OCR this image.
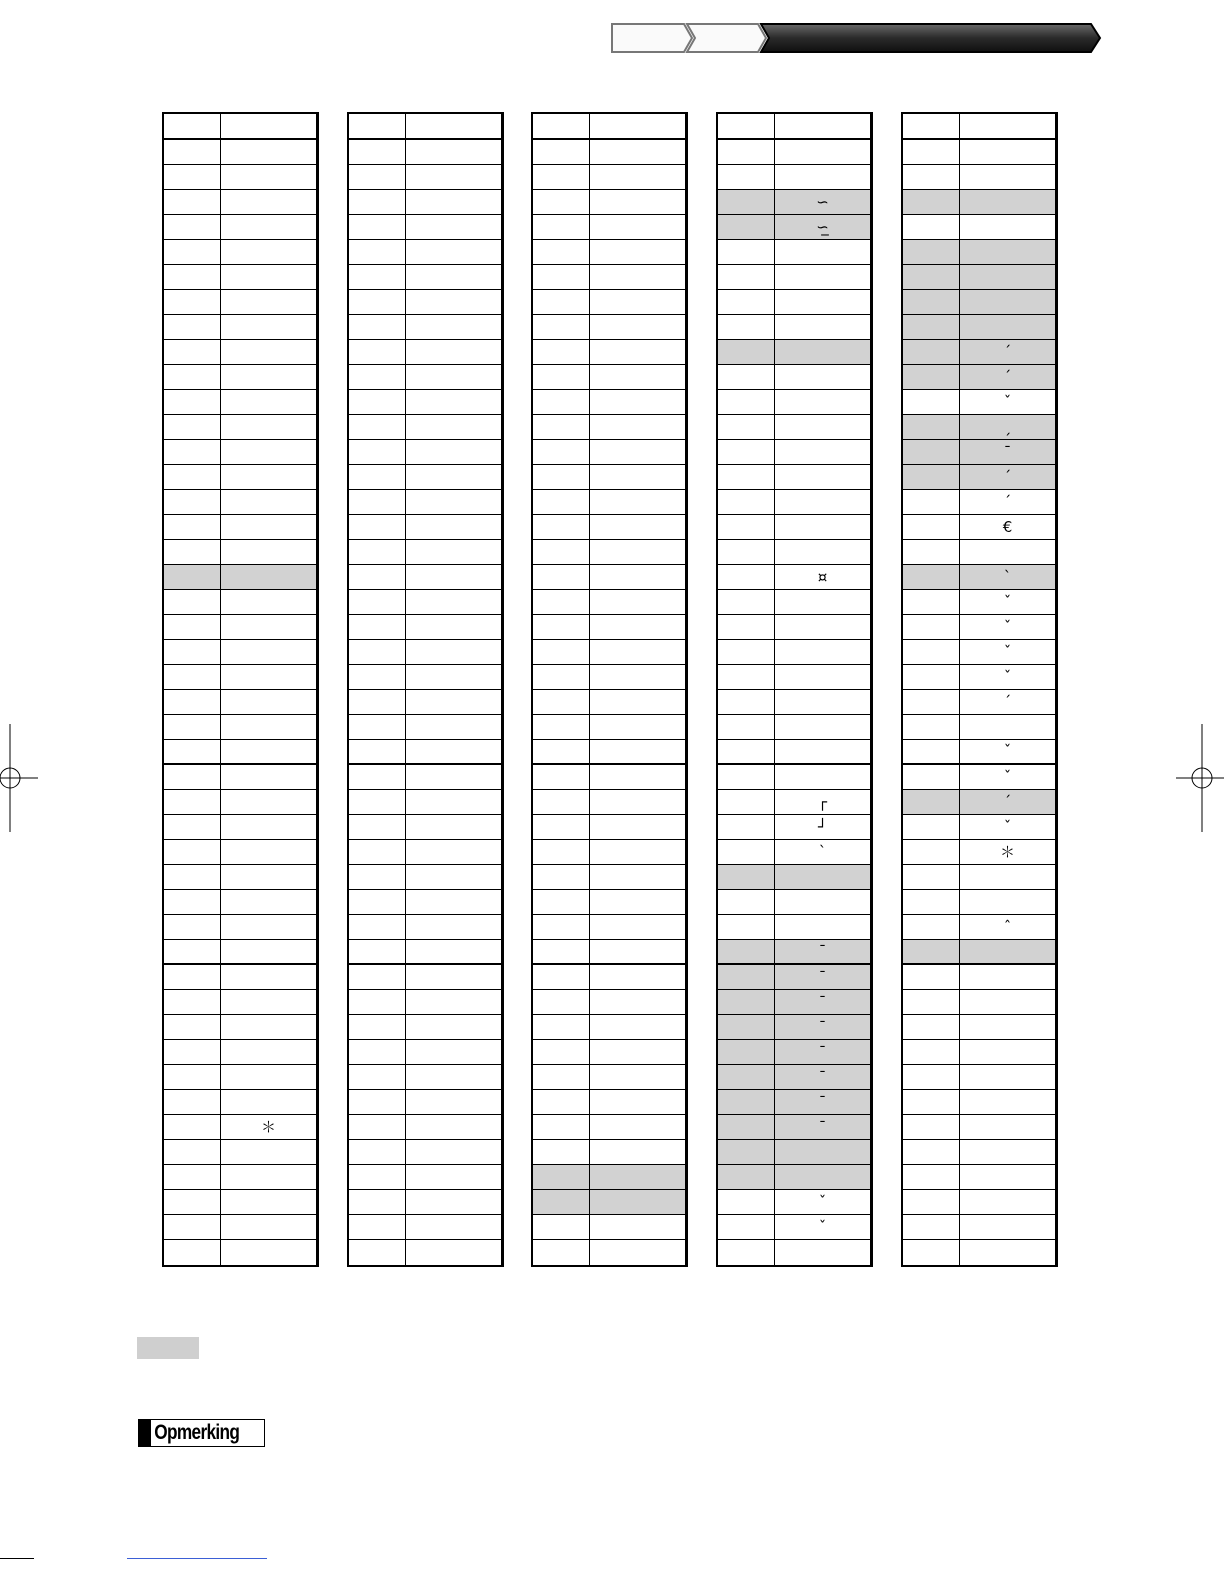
＊
∽
∽̲
¤
┌
┘
ˋ
¯
¯
¯
¯
¯
¯
¯
¯
ˇ
ˇ
ˊ
ˊ
ˇ
ˏ
¯
ˊ
ˊ
€
ˋ
ˇ
ˇ
ˇ
ˇ
ˊ
ˇ
ˇ
ˊ
ˇ
＊
ˆ
Opmerking
